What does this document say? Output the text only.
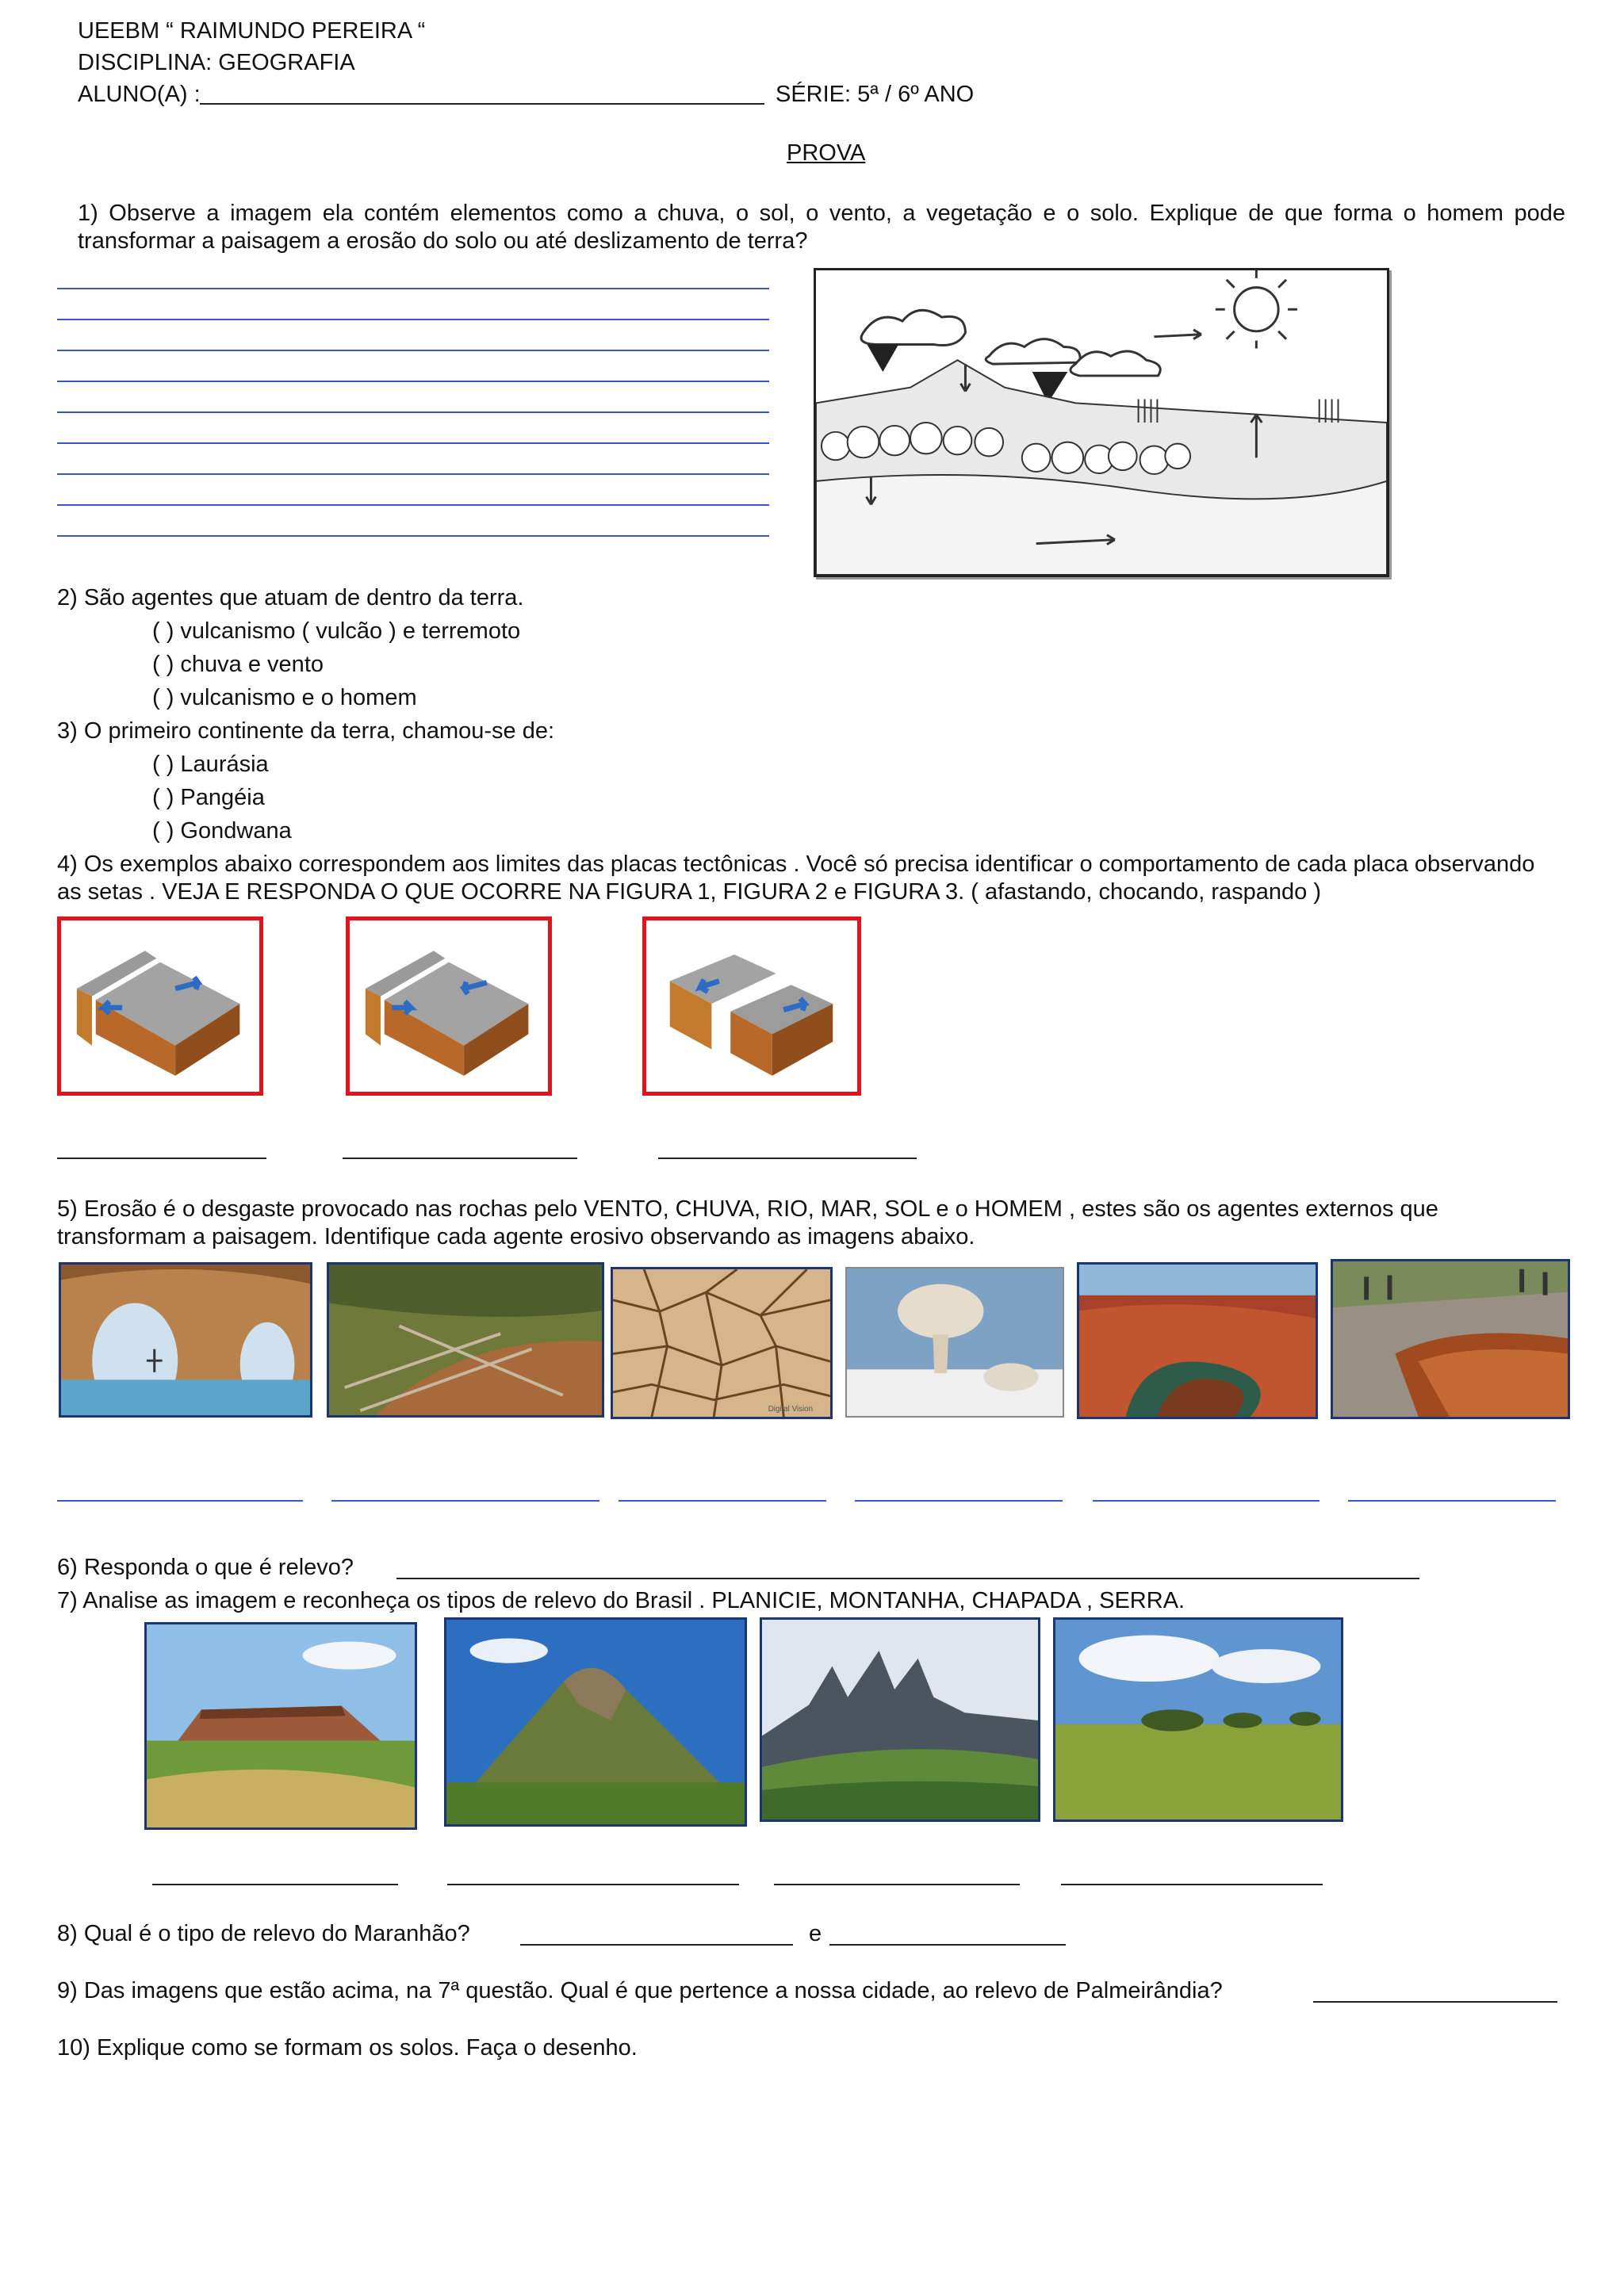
UEEBM “ RAIMUNDO PEREIRA “
DISCIPLINA: GEOGRAFIA
ALUNO(A) :	SÉRIE: 5ª / 6º ANO
PROVA
1) Observe a imagem ela contém elementos como a chuva, o sol, o vento, a vegetação e o solo. Explique de que forma o homem pode transformar a paisagem a erosão do solo ou até deslizamento de terra?
2) São agentes que atuam de dentro da terra.
( ) vulcanismo ( vulcão ) e terremoto
( ) chuva e vento
( ) vulcanismo e o homem
3) O primeiro continente da terra, chamou-se de:
( ) Laurásia
( ) Pangéia
( ) Gondwana
4) Os exemplos abaixo correspondem aos limites das placas tectônicas . Você só precisa identificar o comportamento de cada placa observando as setas . VEJA E RESPONDA O QUE OCORRE NA FIGURA 1, FIGURA 2 e FIGURA 3. ( afastando, chocando, raspando )
5) Erosão é o desgaste provocado nas rochas pelo VENTO, CHUVA, RIO, MAR, SOL e o HOMEM , estes são os agentes externos que transformam a paisagem. Identifique cada agente erosivo observando as imagens abaixo.
Digital Vision
6) Responda o que é relevo?
7) Analise as imagem e reconheça os tipos de relevo do Brasil . PLANICIE, MONTANHA, CHAPADA , SERRA.
8) Qual é o tipo de relevo do Maranhão?	e
9) Das imagens que estão acima, na 7ª questão. Qual é que pertence a nossa cidade, ao relevo de Palmeirândia?
10) Explique como se formam os solos. Faça o desenho.
